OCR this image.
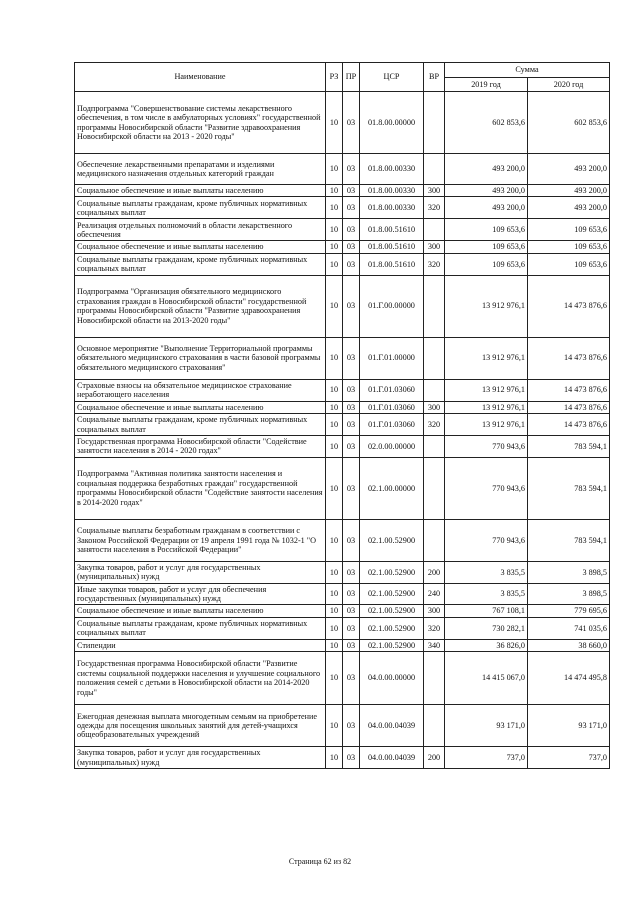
Наименование	РЗ	ПР	ЦСР	ВР	Сумма	
					2019 год	2020 год
Подпрограмма "Совершенствование системы лекарственного обеспечения, в том числе в амбулаторных условиях" государственной программы Новосибирской области "Развитие здравоохранения Новосибирской области на 2013 - 2020 годы"	10	03	01.8.00.00000		602 853,6	602 853,6
Обеспечение лекарственными препаратами и изделиями медицинского назначения отдельных категорий граждан	10	03	01.8.00.00330		493 200,0	493 200,0
Социальное обеспечение и иные выплаты населению	10	03	01.8.00.00330	300	493 200,0	493 200,0
Социальные выплаты гражданам, кроме публичных нормативных социальных выплат	10	03	01.8.00.00330	320	493 200,0	493 200,0
Реализация отдельных полномочий в области лекарственного обеспечения	10	03	01.8.00.51610		109 653,6	109 653,6
Социальное обеспечение и иные выплаты населению	10	03	01.8.00.51610	300	109 653,6	109 653,6
Социальные выплаты гражданам, кроме публичных нормативных социальных выплат	10	03	01.8.00.51610	320	109 653,6	109 653,6
Подпрограмма "Организация обязательного медицинского страхования граждан в Новосибирской области" государственной программы Новосибирской области "Развитие здравоохранения Новосибирской области на 2013-2020 годы"	10	03	01.Г.00.00000		13 912 976,1	14 473 876,6
Основное мероприятие "Выполнение Территориальной программы обязательного медицинского страхования в части базовой программы обязательного медицинского страхования"	10	03	01.Г.01.00000		13 912 976,1	14 473 876,6
Страховые взносы на обязательное медицинское страхование неработающего населения	10	03	01.Г.01.03060		13 912 976,1	14 473 876,6
Социальное обеспечение и иные выплаты населению	10	03	01.Г.01.03060	300	13 912 976,1	14 473 876,6
Социальные выплаты гражданам, кроме публичных нормативных социальных выплат	10	03	01.Г.01.03060	320	13 912 976,1	14 473 876,6
Государственная программа Новосибирской области "Содействие занятости населения в 2014 - 2020 годах"	10	03	02.0.00.00000		770 943,6	783 594,1
Подпрограмма "Активная политика занятости населения и социальная поддержка безработных граждан" государственной программы Новосибирской области "Содействие занятости населения в 2014-2020 годах"	10	03	02.1.00.00000		770 943,6	783 594,1
Социальные выплаты безработным гражданам в соответствии с Законом Российской Федерации от 19 апреля 1991 года № 1032-1 "О занятости населения в Российской Федерации"	10	03	02.1.00.52900		770 943,6	783 594,1
Закупка товаров, работ и услуг для государственных (муниципальных) нужд	10	03	02.1.00.52900	200	3 835,5	3 898,5
Иные закупки товаров, работ и услуг для обеспечения государственных (муниципальных) нужд	10	03	02.1.00.52900	240	3 835,5	3 898,5
Социальное обеспечение и иные выплаты населению	10	03	02.1.00.52900	300	767 108,1	779 695,6
Социальные выплаты гражданам, кроме публичных нормативных социальных выплат	10	03	02.1.00.52900	320	730 282,1	741 035,6
Стипендии	10	03	02.1.00.52900	340	36 826,0	38 660,0
Государственная программа Новосибирской области "Развитие системы социальной поддержки населения и улучшение социального положения семей с детьми в Новосибирской области на 2014-2020 годы"	10	03	04.0.00.00000		14 415 067,0	14 474 495,8
Ежегодная денежная выплата многодетным семьям на приобретение одежды для посещения школьных занятий для детей-учащихся общеобразовательных учреждений	10	03	04.0.00.04039		93 171,0	93 171,0
Закупка товаров, работ и услуг для государственных (муниципальных) нужд	10	03	04.0.00.04039	200	737,0	737,0
Страница 62 из 82
